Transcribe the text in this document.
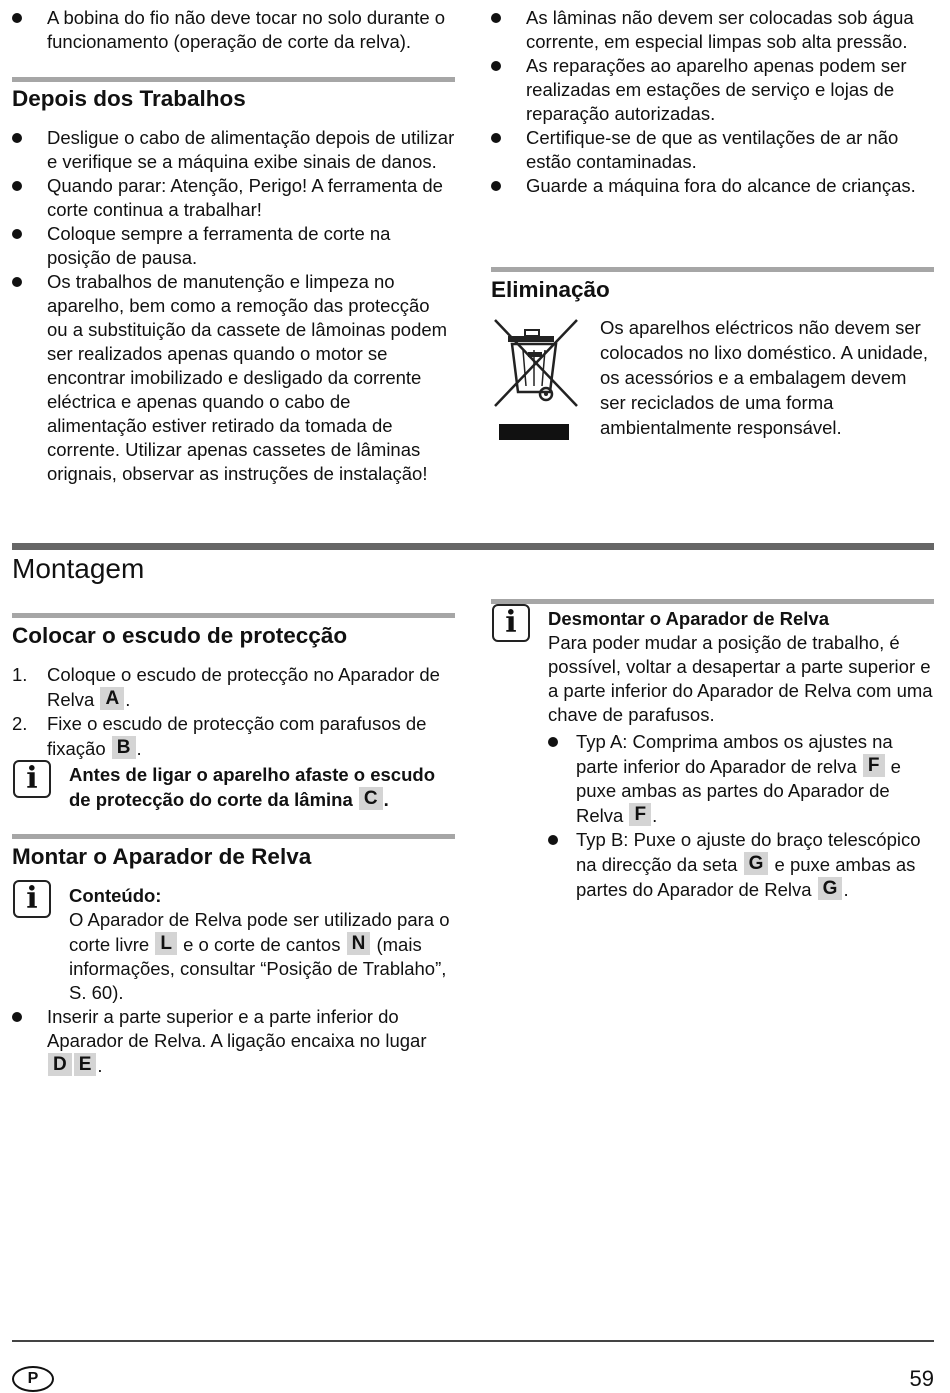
A bobina do fio não deve tocar no solo durante o funcionamento (operação de corte da relva).
Depois dos Trabalhos
Desligue o cabo de alimentação depois de utilizar e verifique se a máquina exibe sinais de danos.
Quando parar: Atenção, Perigo! A ferramenta de corte continua a trabalhar!
Coloque sempre a ferramenta de corte na posição de pausa.
Os trabalhos de manutenção e limpeza no aparelho, bem como a remoção das protecção ou a substituição da cassete de lâmoinas podem ser realizados apenas quando o motor se encontrar imobilizado e desligado da corrente eléctrica e apenas quando o cabo de alimentação estiver retirado da tomada de corrente. Utilizar apenas cassetes de lâminas orignais, observar as instruções de instalação!
As lâminas não devem ser colocadas sob água corrente, em especial limpas sob alta pressão.
As reparações ao aparelho apenas podem ser realizadas em estações de serviço e lojas de reparação autorizadas.
Certifique-se de que as ventilações de ar não estão contaminadas.
Guarde a máquina fora do alcance de crianças.
Eliminação
Os aparelhos eléctricos não devem ser colocados no lixo doméstico. A unidade, os acessórios e a embalagem devem ser reciclados de uma forma ambientalmente responsável.
Montagem
Colocar o escudo de protecção
1. Coloque o escudo de protecção no Aparador de Relva A .
2. Fixe o escudo de protecção com parafusos de fixação B .
i Antes de ligar o aparelho afaste o escudo de protecção do corte da lâmina C .
Montar o Aparador de Relva
i Conteúdo:
O Aparador de Relva pode ser utilizado para o corte livre L e o corte de cantos N (mais informações, consultar “Posição de Trablaho”, S. 60).
Inserir a parte superior e a parte inferior do Aparador de Relva. A ligação encaixa no lugar D E .
i Desmontar o Aparador de Relva
Para poder mudar a posição de trabalho, é possível, voltar a desapertar a parte superior e a parte inferior do Aparador de Relva com uma chave de parafusos.
Typ A: Comprima ambos os ajustes na parte inferior do Aparador de relva F e puxe ambas as partes do Aparador de Relva F .
Typ B: Puxe o ajuste do braço telescópico na direcção da seta G e puxe ambas as partes do Aparador de Relva G .
P	59
